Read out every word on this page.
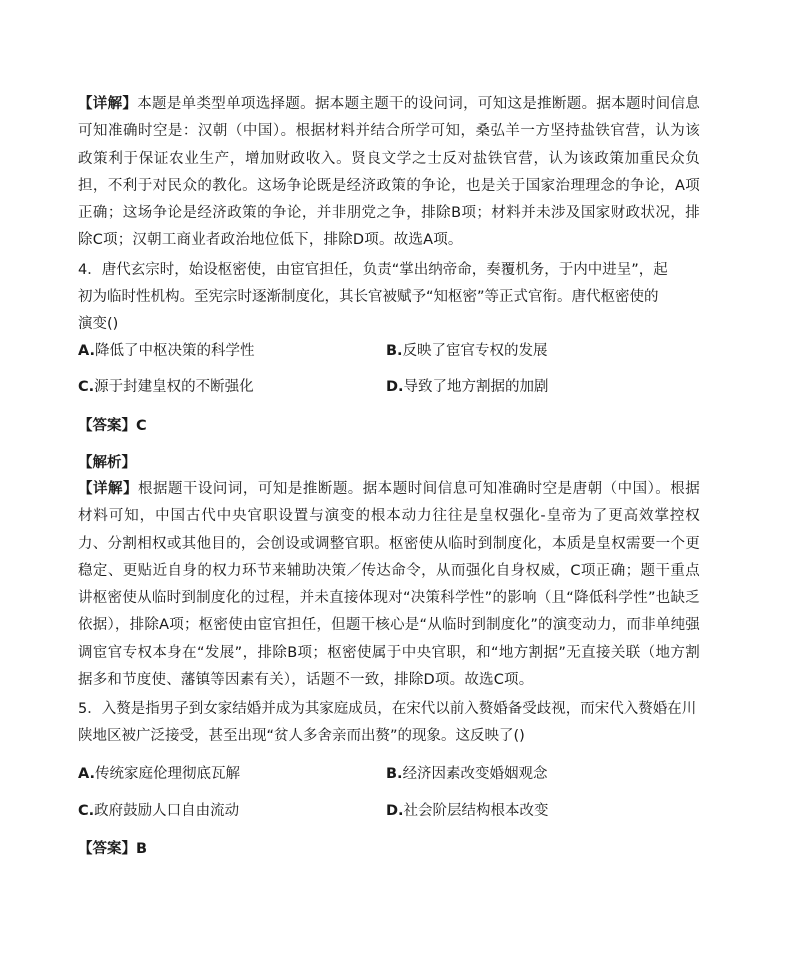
【详解】本题是单类型单项选择题。据本题主题干的设问词，可知这是推断题。据本题时间信息可知准确时空是：汉朝（中国）。根据材料并结合所学可知，桑弘羊一方坚持盐铁官营，认为该政策利于保证农业生产，增加财政收入。贤良文学之士反对盐铁官营，认为该政策加重民众负担，不利于对民众的教化。这场争论既是经济政策的争论，也是关于国家治理理念的争论，A项正确；这场争论是经济政策的争论，并非朋党之争，排除B项；材料并未涉及国家财政状况，排除C项；汉朝工商业者政治地位低下，排除D项。故选A项。
4．唐代玄宗时，始设枢密使，由宦官担任，负责“掌出纳帝命，奏覆机务，于内中进呈”，起
初为临时性机构。至宪宗时逐渐制度化，其长官被赋予“知枢密”等正式官衔。唐代枢密使的
演变()
A.降低了中枢决策的科学性	B.反映了宦官专权的发展
C.源于封建皇权的不断强化	D.导致了地方割据的加剧
【答案】C
【解析】
【详解】根据题干设问词，可知是推断题。据本题时间信息可知准确时空是唐朝（中国）。根据材料可知，中国古代中央官职设置与演变的根本动力往往是皇权强化-皇帝为了更高效掌控权力、分割相权或其他目的，会创设或调整官职。枢密使从临时到制度化，本质是皇权需要一个更稳定、更贴近自身的权力环节来辅助决策／传达命令，从而强化自身权威，C项正确；题干重点讲枢密使从临时到制度化的过程，并未直接体现对“决策科学性”的影响（且“降低科学性”也缺乏依据），排除A项；枢密使由宦官担任，但题干核心是“从临时到制度化”的演变动力，而非单纯强调宦官专权本身在“发展”，排除B项；枢密使属于中央官职，和“地方割据”无直接关联（地方割据多和节度使、藩镇等因素有关），话题不一致，排除D项。故选C项。
5．入赘是指男子到女家结婚并成为其家庭成员，在宋代以前入赘婚备受歧视，而宋代入赘婚在川
陕地区被广泛接受，甚至出现“贫人多舍亲而出赘”的现象。这反映了()
A.传统家庭伦理彻底瓦解	B.经济因素改变婚姻观念
C.政府鼓励人口自由流动	D.社会阶层结构根本改变
【答案】B
